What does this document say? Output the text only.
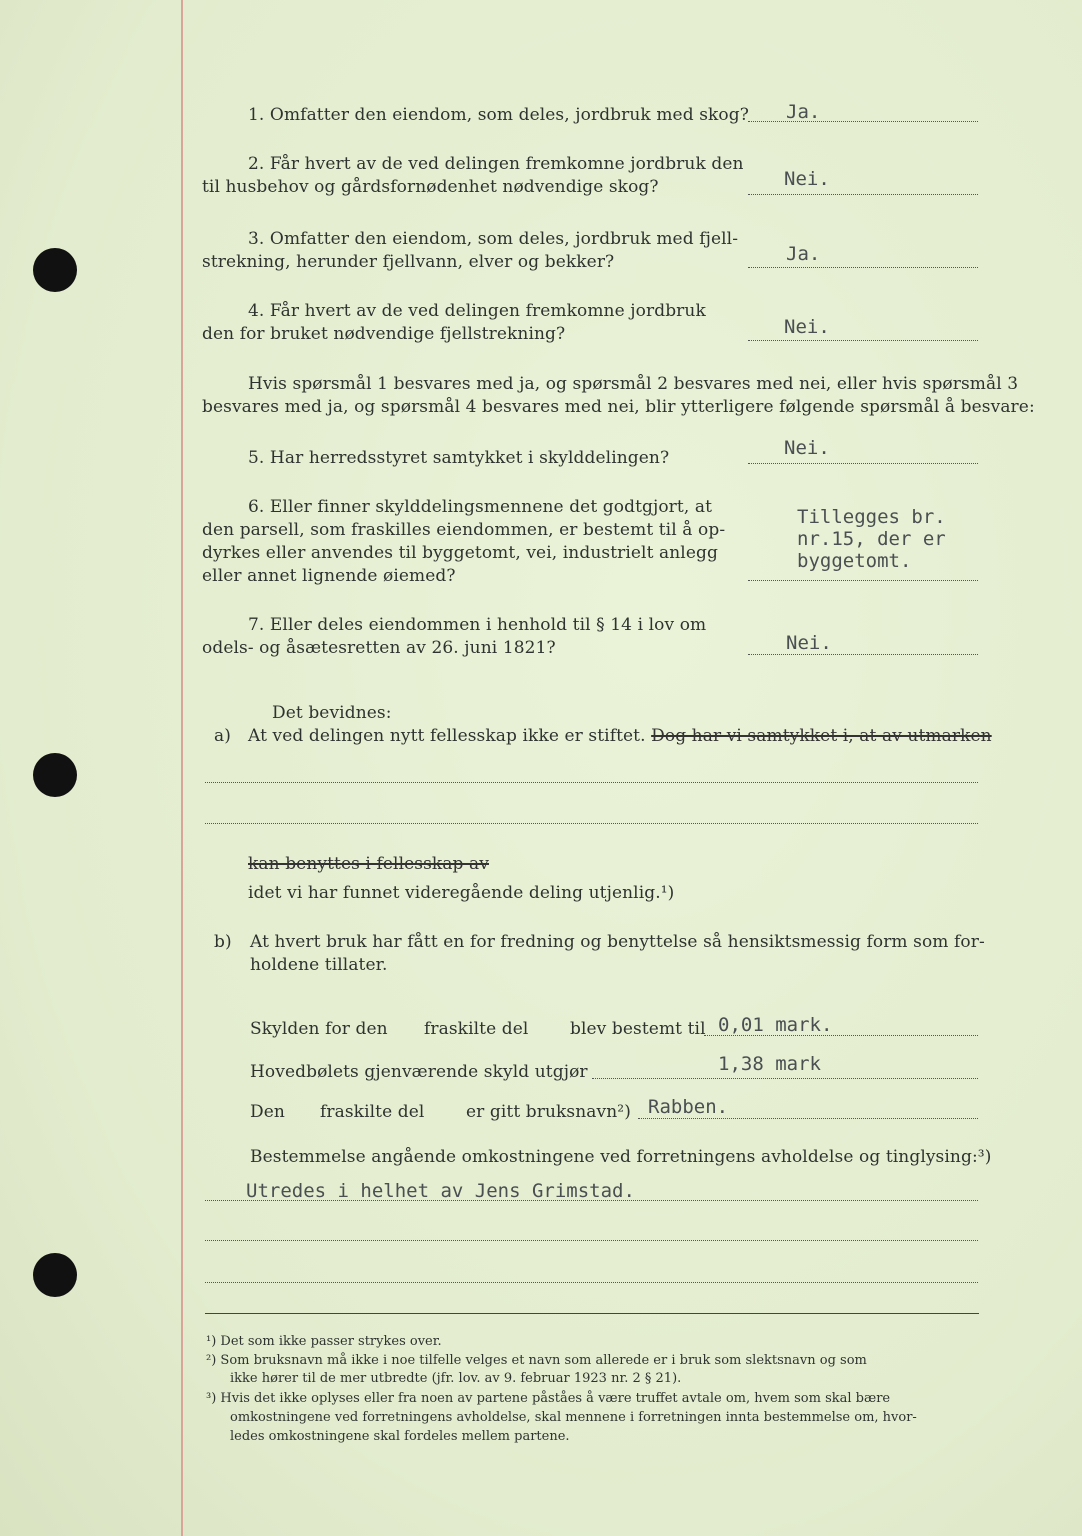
1. Omfatter den eiendom, som deles, jordbruk med skog? Ja.
2. Får hvert av de ved delingen fremkomne jordbruk den
til husbehov og gårdsfornødenhet nødvendige skog?	Nei.
3. Omfatter den eiendom, som deles, jordbruk med fjell-
strekning, herunder fjellvann, elver og bekker?	Ja.
4. Får hvert av de ved delingen fremkomne jordbruk
den for bruket nødvendige fjellstrekning?	Nei.
Hvis spørsmål 1 besvares med ja, og spørsmål 2 besvares med nei, eller hvis spørsmål 3
besvares med ja, og spørsmål 4 besvares med nei, blir ytterligere følgende spørsmål å besvare:
5. Har herredsstyret samtykket i skylddelingen?	Nei.
6. Eller finner skylddelingsmennene det godtgjort, at
den parsell, som fraskilles eiendommen, er bestemt til å op-
dyrkes eller anvendes til byggetomt, vei, industrielt anlegg
eller annet lignende øiemed?
Tillegges br.
nr.15, der er
byggetomt.
7. Eller deles eiendommen i henhold til § 14 i lov om
odels- og åsætesretten av 26. juni 1821?	Nei.
Det bevidnes:
a) At ved delingen nytt fellesskap ikke er stiftet. Dog har vi samtykket i, at av utmarken
kan benyttes i fellesskap av
idet vi har funnet videregående deling utjenlig.¹)
b) At hvert bruk har fått en for fredning og benyttelse så hensiktsmessig form som for-
holdene tillater.
Skylden for den fraskilte del blev bestemt til 0,01 mark.
Hovedbølets gjenværende skyld utgjør	1,38 mark
Den fraskilte del er gitt bruksnavn²) Rabben.
Bestemmelse angående omkostningene ved forretningens avholdelse og tinglysing:³)
Utredes i helhet av Jens Grimstad.
¹) Det som ikke passer strykes over.
²) Som bruksnavn må ikke i noe tilfelle velges et navn som allerede er i bruk som slektsnavn og som
ikke hører til de mer utbredte (jfr. lov. av 9. februar 1923 nr. 2 § 21).
³) Hvis det ikke oplyses eller fra noen av partene påståes å være truffet avtale om, hvem som skal bære
omkostningene ved forretningens avholdelse, skal mennene i forretningen innta bestemmelse om, hvor-
ledes omkostningene skal fordeles mellem partene.
